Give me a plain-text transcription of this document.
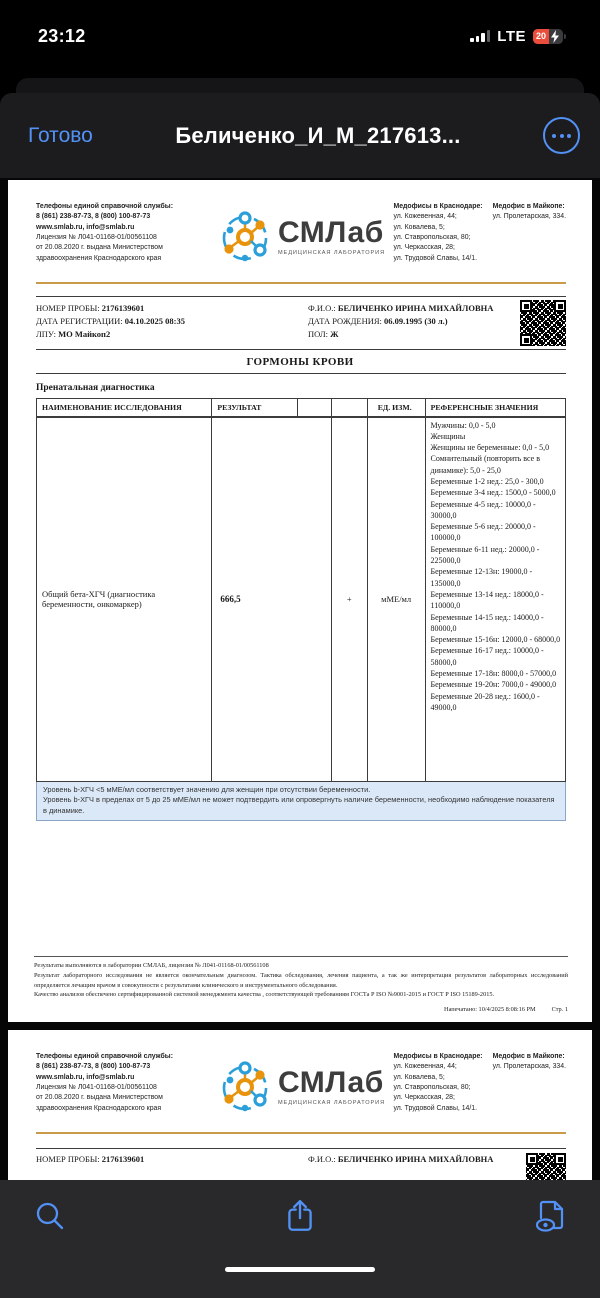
23:12	LTE 20
Готово	Беличенко_И_М_217613...
Телефоны единой справочной службы:
8 (861) 238-87-73, 8 (800) 100-87-73
www.smlab.ru, info@smlab.ru
Лицензия № Л041-01168-01/00561108
от 20.08.2020 г. выдана Министерством
здравоохранения Краснодарского края
СМЛаб
МЕДИЦИНСКАЯ ЛАБОРАТОРИЯ
Медофисы в Краснодаре:
ул. Кожевенная, 44;
ул. Ковалева, 5;
ул. Ставропольская, 80;
ул. Черкасская, 28;
ул. Трудовой Славы, 14/1.
Медофис в Майкопе:
ул. Пролетарская, 334.
НОМЕР ПРОБЫ: 2176139601
ДАТА РЕГИСТРАЦИИ: 04.10.2025 08:35
ЛПУ: МО Майкоп2
Ф.И.О.: БЕЛИЧЕНКО ИРИНА МИХАЙЛОВНА
ДАТА РОЖДЕНИЯ: 06.09.1995 (30 л.)
ПОЛ: Ж
ГОРМОНЫ КРОВИ
Пренатальная диагностика
НАИМЕНОВАНИЕ ИССЛЕДОВАНИЯ	РЕЗУЛЬТАТ	ЕД. ИЗМ.	РЕФЕРЕНСНЫЕ ЗНАЧЕНИЯ
Общий бета-ХГЧ (диагностика беременности, онкомаркер)	666,5	+	мМЕ/мл
Мужчины: 0,0 - 5,0
Женщины
Женщины не беременные: 0,0 - 5,0
Сомнительный (повторить все в динамике): 5,0 - 25,0
Беременные 1-2 нед.: 25,0 - 300,0
Беременные 3-4 нед.: 1500,0 - 5000,0
Беременные 4-5 нед.: 10000,0 - 30000,0
Беременные 5-6 нед.: 20000,0 - 100000,0
Беременные 6-11 нед.: 20000,0 - 225000,0
Беременные 12-13н: 19000,0 - 135000,0
Беременные 13-14 нед.: 18000,0 - 110000,0
Беременные 14-15 нед.: 14000,0 - 80000,0
Беременные 15-16н: 12000,0 - 68000,0
Беременные 16-17 нед.: 10000,0 - 58000,0
Беременные 17-18н: 8000,0 - 57000,0
Беременные 19-20н: 7000,0 - 49000,0
Беременные 20-28 нед.: 1600,0 - 49000,0
Уровень b-ХГЧ <5 мМЕ/мл соответствует значению для женщин при отсутствии беременности.
Уровень b-ХГЧ в пределах от 5 до 25 мМЕ/мл не может подтвердить или опровергнуть наличие беременности, необходимо наблюдение показателя в динамике.
Результаты выполняются в лаборатории СМЛАБ, лицензия № Л041-01168-01/00561108
Результат лабораторного исследования не является окончательным диагнозом. Тактика обследования, лечения пациента, а так же интерпретация результатов лабораторных исследований определяется лечащим врачом в совокупности с результатами клинического и инструментального обследования.
Качество анализов обеспечено сертифицированной системой менеджмента качества , соответствующей требованиям ГОСТа Р ISO №9001-2015 и ГОСТ Р ISO 15189-2015.
Напечатано: 10/4/2025 8:08:16 PM	Стр. 1
Телефоны единой справочной службы:
8 (861) 238-87-73, 8 (800) 100-87-73
www.smlab.ru, info@smlab.ru
Лицензия № Л041-01168-01/00561108
от 20.08.2020 г. выдана Министерством
здравоохранения Краснодарского края
СМЛаб
МЕДИЦИНСКАЯ ЛАБОРАТОРИЯ
Медофисы в Краснодаре:
ул. Кожевенная, 44;
ул. Ковалева, 5;
ул. Ставропольская, 80;
ул. Черкасская, 28;
ул. Трудовой Славы, 14/1.
Медофис в Майкопе:
ул. Пролетарская, 334.
НОМЕР ПРОБЫ: 2176139601	Ф.И.О.: БЕЛИЧЕНКО ИРИНА МИХАЙЛОВНА
